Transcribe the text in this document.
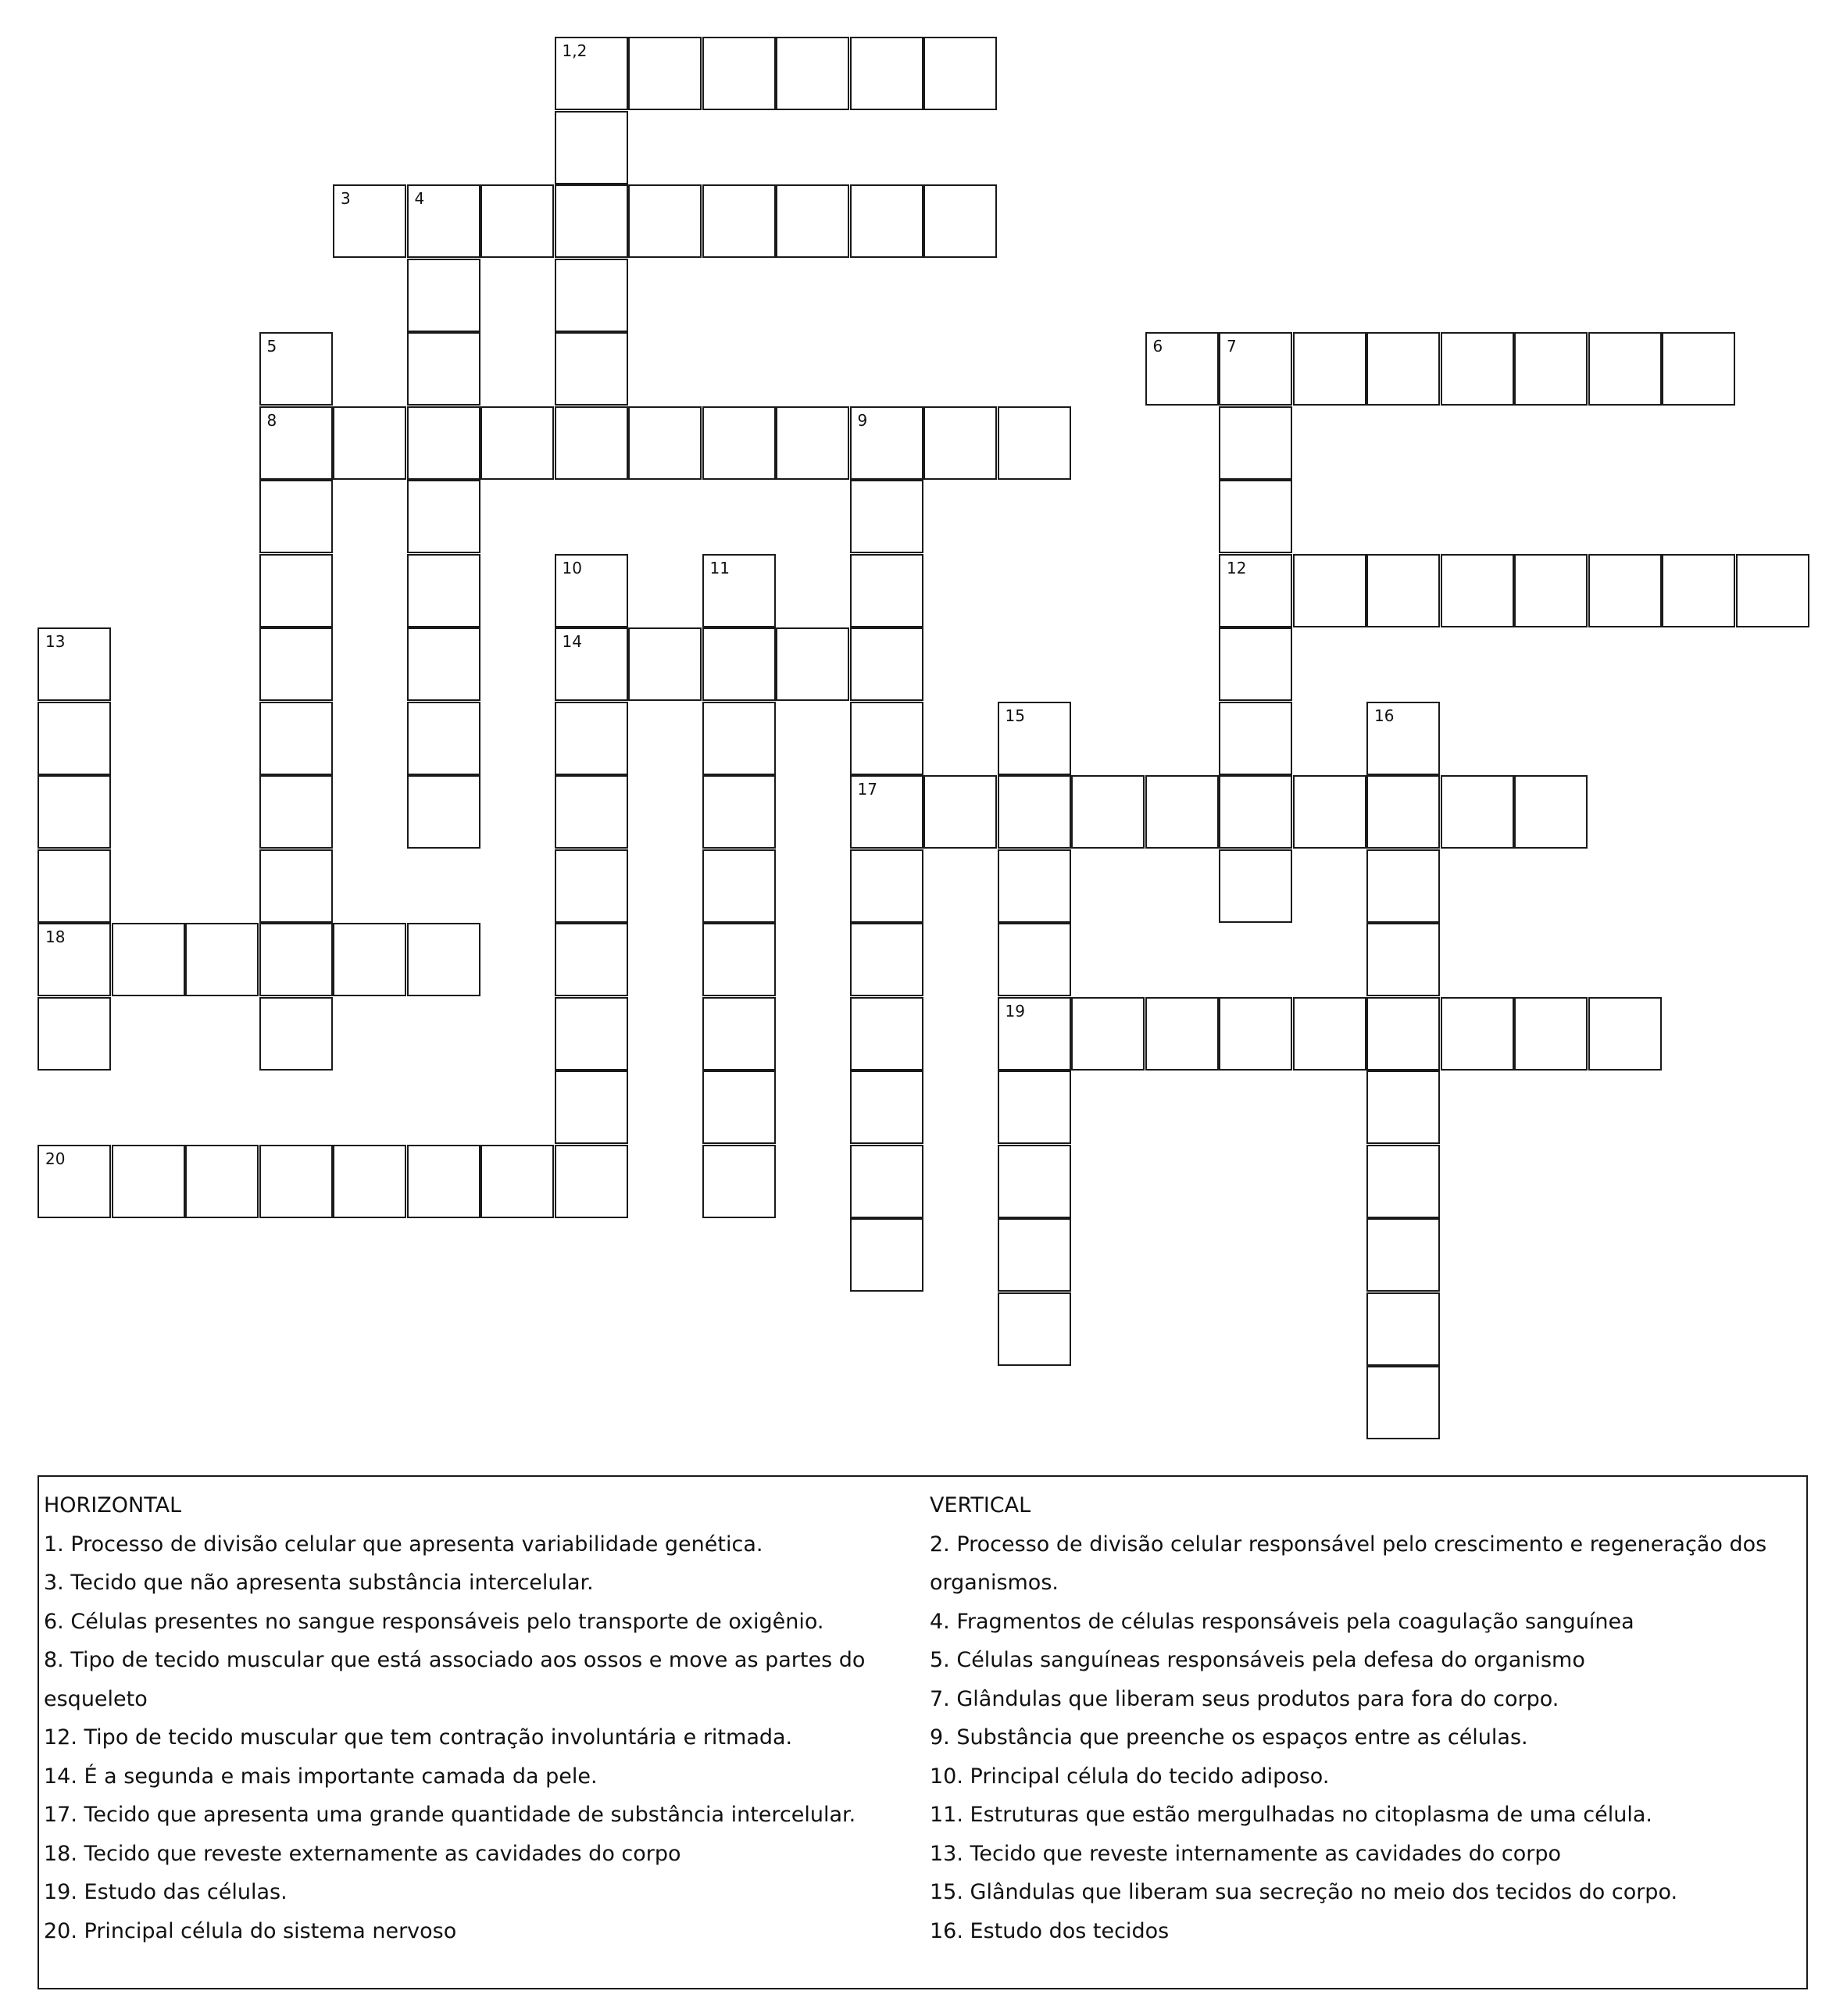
1,2
3	4
5	6	7
8	9
10	11	12
13	14
15	16
17
18
19
20

HORIZONTAL

1. Processo de divisão celular que apresenta variabilidade genética.

3. Tecido que não apresenta substância intercelular.

6. Células presentes no sangue responsáveis pelo transporte de oxigênio.

8. Tipo de tecido muscular que está associado aos ossos e move as partes do

esqueleto

12. Tipo de tecido muscular que tem contração involuntária e ritmada.

14. É a segunda e mais importante camada da pele.

17. Tecido que apresenta uma grande quantidade de substância intercelular.

18. Tecido que reveste externamente as cavidades do corpo

19. Estudo das células.

20. Principal célula do sistema nervoso

VERTICAL

2. Processo de divisão celular responsável pelo crescimento e regeneração dos

organismos.

4. Fragmentos de células responsáveis pela coagulação sanguínea

5. Células sanguíneas responsáveis pela defesa do organismo

7. Glândulas que liberam seus produtos para fora do corpo.

9. Substância que preenche os espaços entre as células.

10. Principal célula do tecido adiposo.

11. Estruturas que estão mergulhadas no citoplasma de uma célula.

13. Tecido que reveste internamente as cavidades do corpo

15. Glândulas que liberam sua secreção no meio dos tecidos do corpo.

16. Estudo dos tecidos
